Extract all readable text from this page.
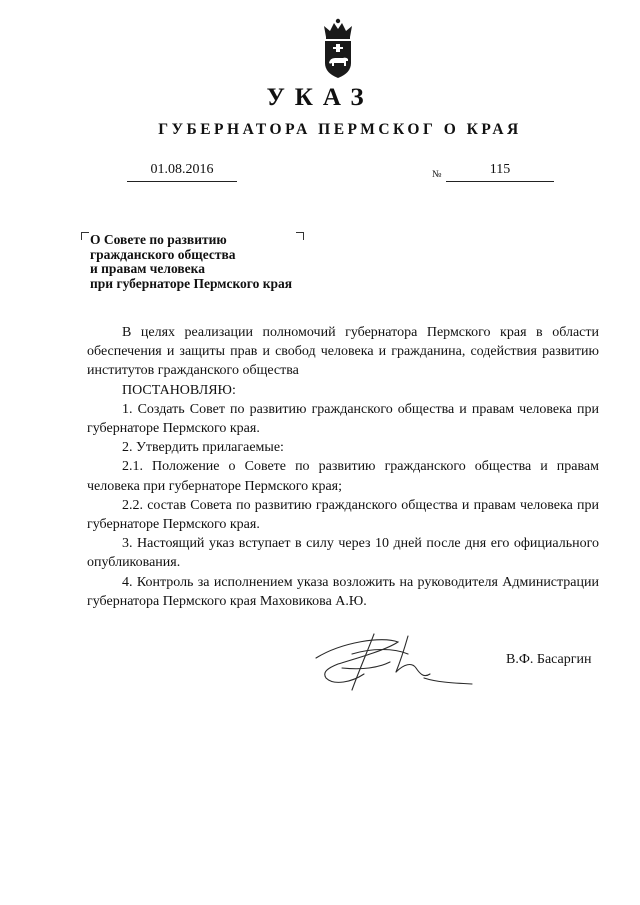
УКАЗ
ГУБЕРНАТОРА ПЕРМСКОГ О КРАЯ
01.08.2016	№	115
О Совете по развитию
гражданского общества
и правам человека
при губернаторе Пермского края

В целях реализации полномочий губернатора Пермского края в области обеспечения и защиты прав и свобод человека и гражданина, содействия развитию институтов гражданского общества

ПОСТАНОВЛЯЮ:

1. Создать Совет по развитию гражданского общества и правам человека при губернаторе Пермского края.

2. Утвердить прилагаемые:

2.1. Положение о Совете по развитию гражданского общества и правам человека при губернаторе Пермского края;

2.2. состав Совета по развитию гражданского общества и правам человека при губернаторе Пермского края.

3. Настоящий указ вступает в силу через 10 дней после дня его официального опубликования.

4. Контроль за исполнением указа возложить на руководителя Администрации губернатора Пермского края Маховикова А.Ю.

В.Ф. Басаргин
